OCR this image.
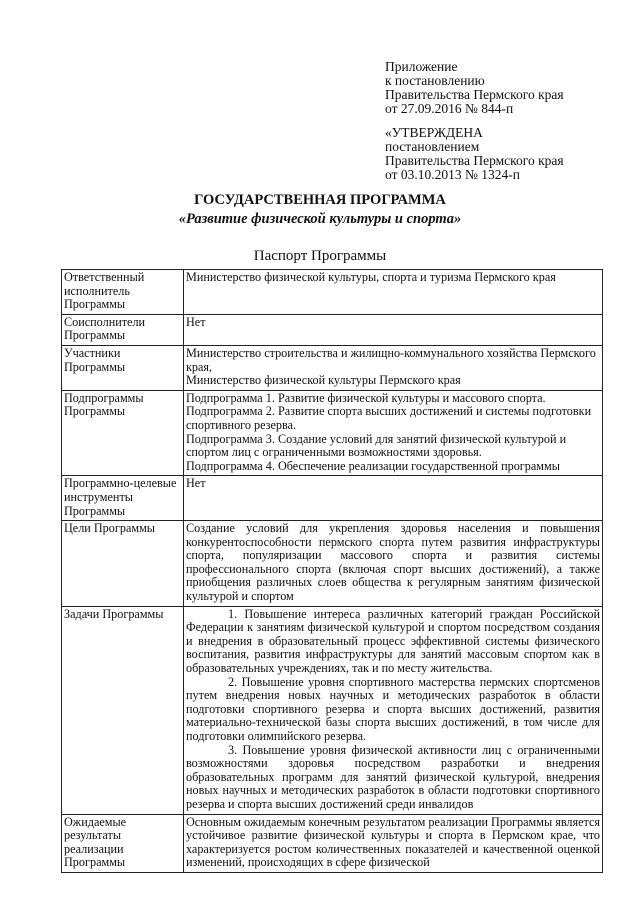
Приложение
к постановлению
Правительства Пермского края
от 27.09.2016 № 844-п
«УТВЕРЖДЕНА
постановлением
Правительства Пермского края
от 03.10.2013 № 1324-п
ГОСУДАРСТВЕННАЯ ПРОГРАММА
«Развитие физической культуры и спорта»
Паспорт Программы
Ответственный исполнитель Программы	Министерство физической культуры, спорта и туризма Пермского края
Соисполнители Программы	Нет
Участники Программы	Министерство строительства и жилищно-коммунального хозяйства Пермского края,
Министерство физической культуры Пермского края

Подпрограммы Программы	Подпрограмма 1. Развитие физической культуры и массового спорта.
Подпрограмма 2. Развитие спорта высших достижений и системы подготовки спортивного резерва.
Подпрограмма 3. Создание условий для занятий физической культурой и спортом лиц с ограниченными возможностями здоровья.
Подпрограмма 4. Обеспечение реализации государственной программы

Программно-целевые инструменты Программы	Нет
Цели Программы	Создание условий для укрепления здоровья населения и повышения конкурентоспособности пермского спорта путем развития инфраструктуры спорта, популяризации массового спорта и развития системы профессионального спорта (включая спорт высших достижений), а также приобщения различных слоев общества к регулярным занятиям физической культурой и спортом
Задачи Программы	1. Повышение интереса различных категорий граждан Российской Федерации к занятиям физической культурой и спортом посредством создания и внедрения в образовательный процесс эффективной системы физического воспитания, развития инфраструктуры для занятий массовым спортом как в образовательных учреждениях, так и по месту жительства.
2. Повышение уровня спортивного мастерства пермских спортсменов путем внедрения новых научных и методических разработок в области подготовки спортивного резерва и спорта высших достижений, развития материально-технической базы спорта высших достижений, в том числе для подготовки олимпийского резерва.
3. Повышение уровня физической активности лиц с ограниченными возможностями здоровья посредством разработки и внедрения образовательных программ для занятий физической культурой, внедрения новых научных и методических разработок в области подготовки спортивного резерва и спорта высших достижений среди инвалидов

Ожидаемые результаты реализации Программы	Основным ожидаемым конечным результатом реализации Программы является устойчивое развитие физической культуры и спорта в Пермском крае, что характеризуется ростом количественных показателей и качественной оценкой изменений, происходящих в сфере физической
